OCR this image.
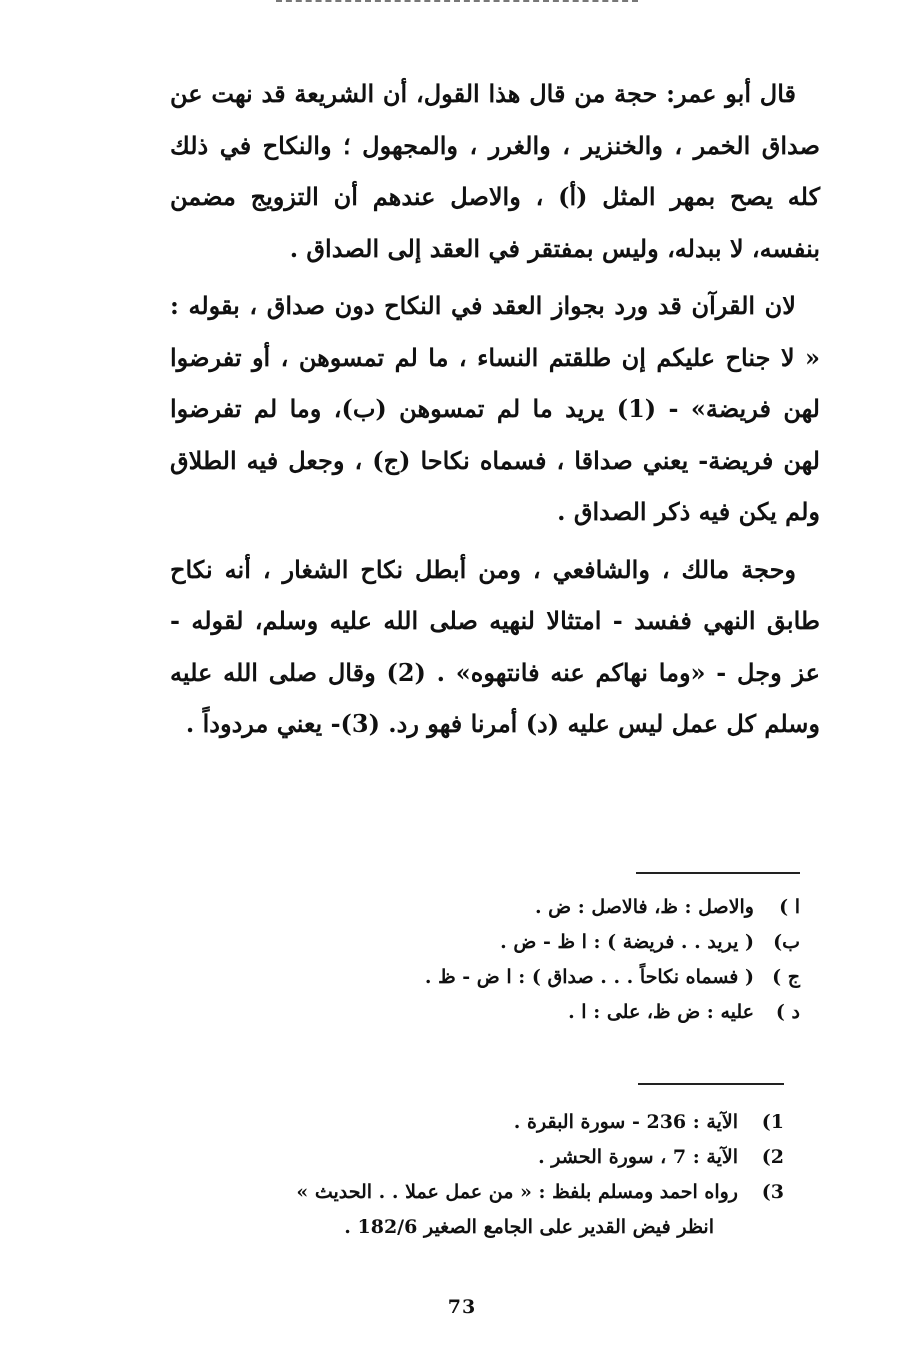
قال أبو عمر: حجة من قال هذا القول، أن الشريعة قد نهت عن صداق الخمر ، والخنزير ، والغرر ، والمجهول ؛ والنكاح في ذلك كله يصح بمهر المثل (أ) ، والاصل عندهم أن التزويج مضمن بنفسه، لا ببدله، وليس بمفتقر في العقد إلى الصداق .

لان القرآن قد ورد بجواز العقد في النكاح دون صداق ، بقوله : « لا جناح عليكم إن طلقتم النساء ، ما لم تمسوهن ، أو تفرضوا لهن فريضة» - (1) يريد ما لم تمسوهن (ب)، وما لم تفرضوا لهن فريضة- يعني صداقا ، فسماه نكاحا (ج) ، وجعل فيه الطلاق ولم يكن فيه ذكر الصداق .

وحجة مالك ، والشافعي ، ومن أبطل نكاح الشغار ، أنه نكاح طابق النهي ففسد - امتثالا لنهيه صلى الله عليه وسلم، لقوله - عز وجل - «وما نهاكم عنه فانتهوه» . (2) وقال صلى الله عليه وسلم كل عمل ليس عليه (د) أمرنا فهو رد. (3)- يعني مردوداً .

ا )
والاصل : ظ، فالاصل : ض .
ب)
( يريد . . فريضة ) : ا ظ - ض .
ج )
( فسماه نكاحاً . . . صداق ) : ا ض - ظ .
د )
عليه : ض ظ، على : ا .
1)
الآية : 236 - سورة البقرة .
2)
الآية : 7 ، سورة الحشر .
3)
رواه احمد ومسلم بلفظ : « من عمل عملا . . الحديث »
انظر فيض القدير على الجامع الصغير 182/6 .
73
